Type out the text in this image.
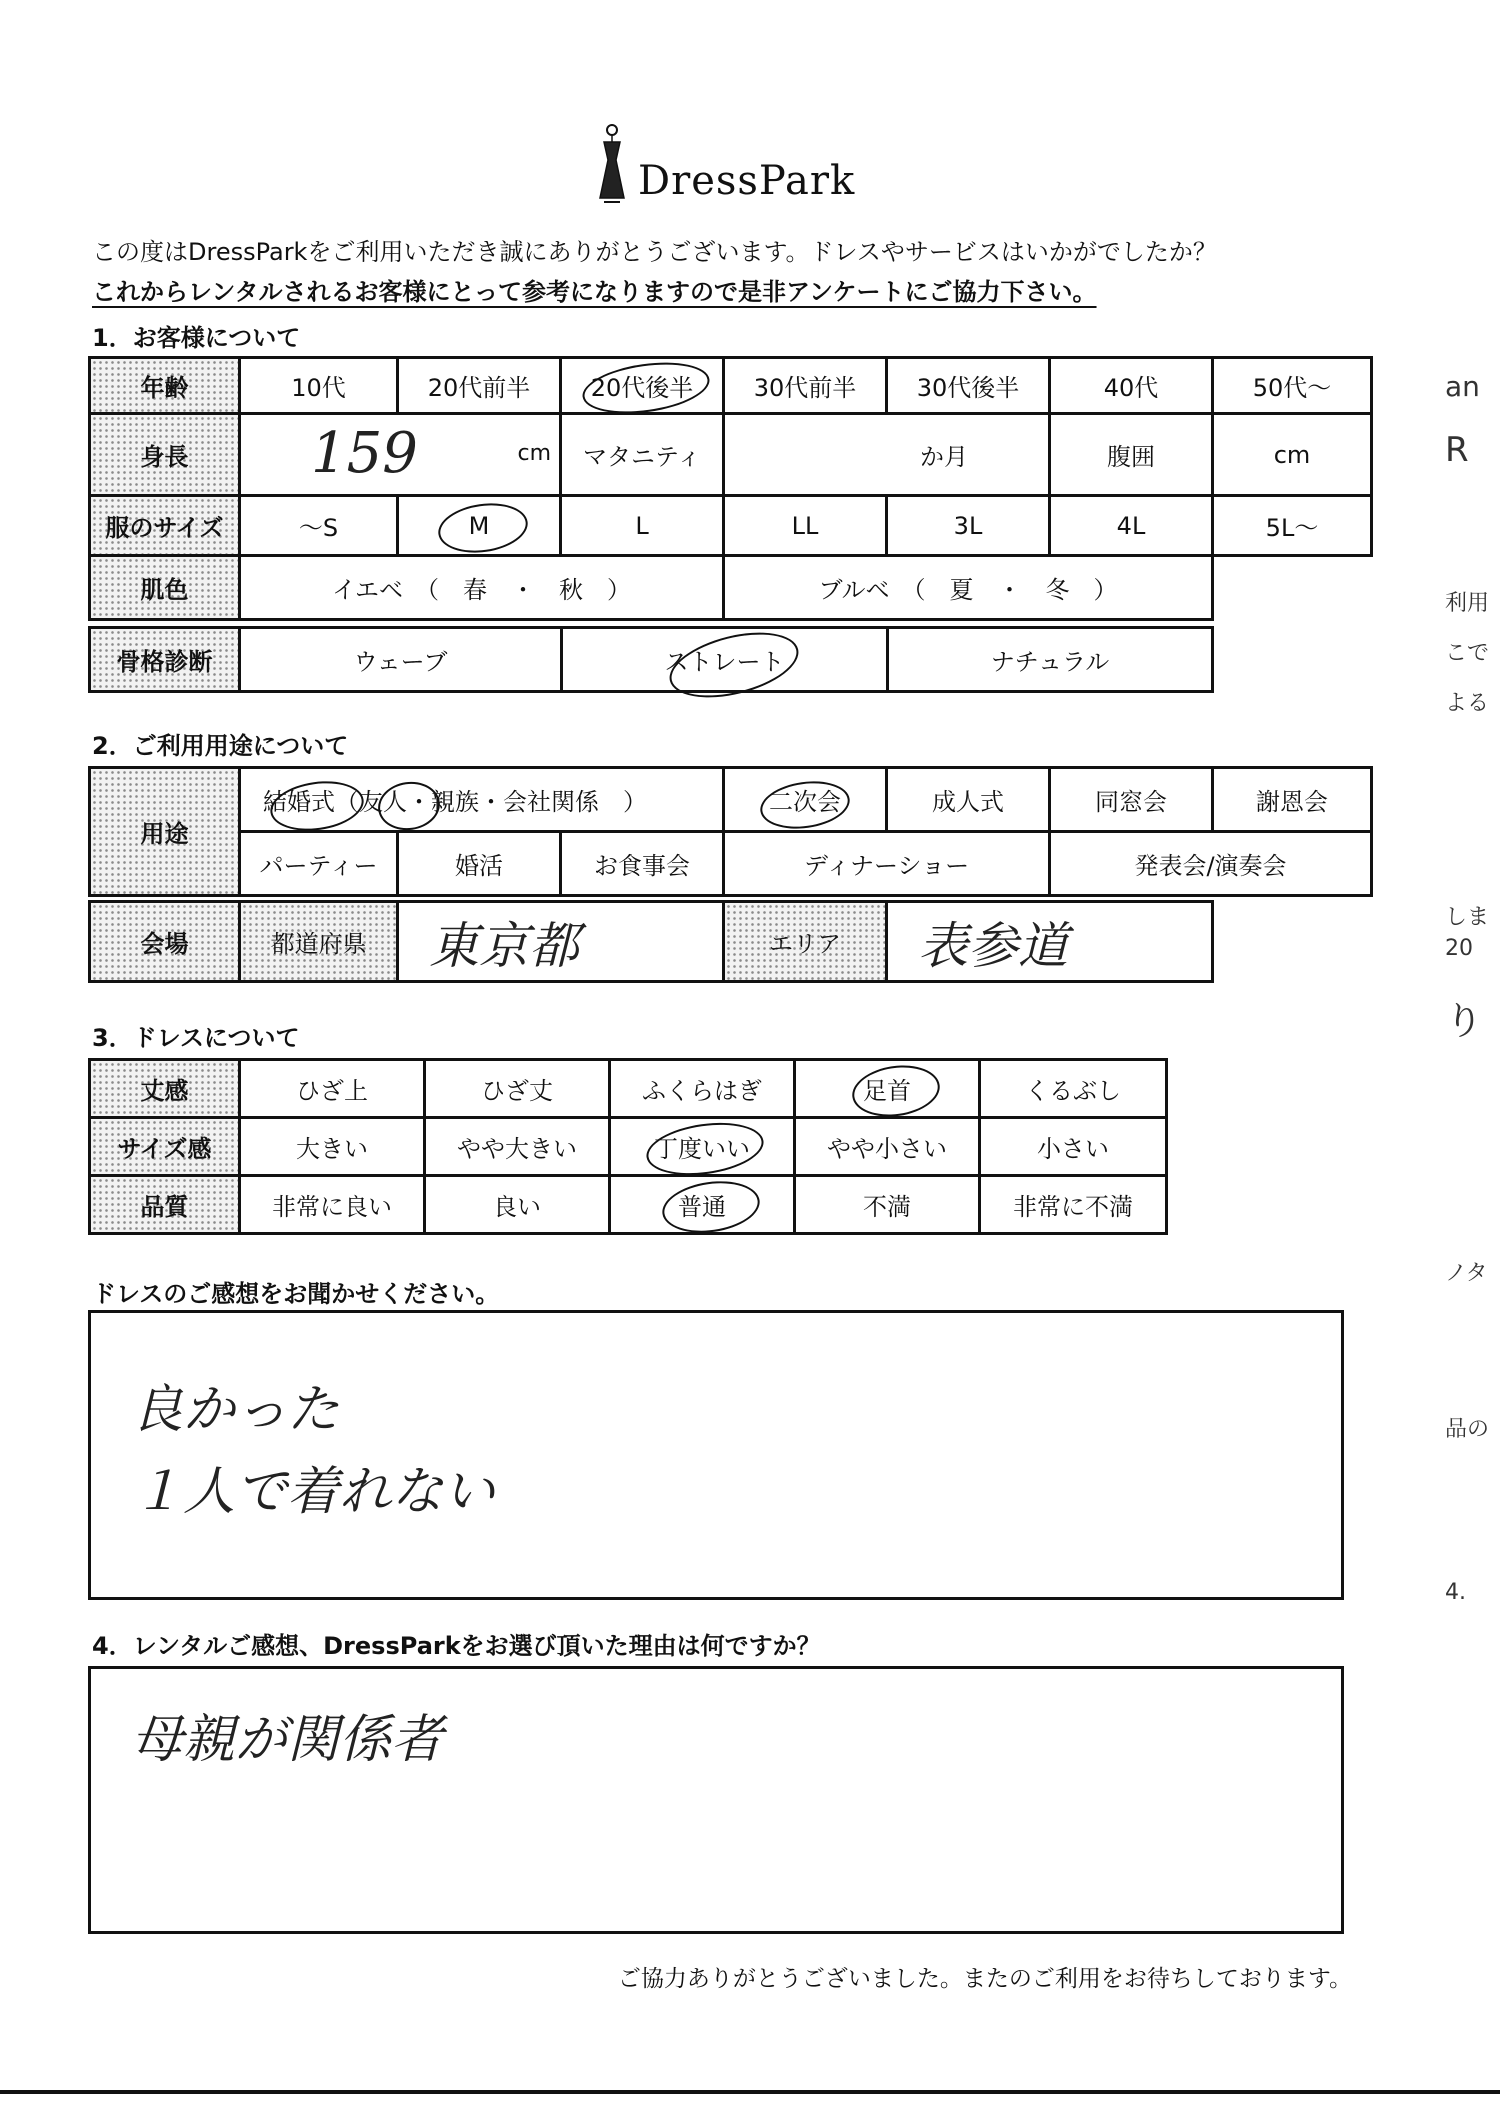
DressPark
この度はDressParkをご利用いただき誠にありがとうございます。ドレスやサービスはいかがでしたか？
これからレンタルされるお客様にとって参考になりますので是非アンケートにご協力下さい。
1．お客様について
年齢	10代	20代前半	20代後半	30代前半	30代後半	40代	50代～
身長	159 cm		マタニティ	か月		腹囲	cm
服のサイズ	～S	M	L	LL	3L	4L	5L～
肌色	イエベ　（　春　・　秋　）			ブルベ　（　夏　・　冬　）			
骨格診断	ウェーブ	ストレート	ナチュラル
2．ご利用用途について
用途	結婚式（友人・親族・会社関係　）			二次会	成人式	同窓会	謝恩会
	パーティー	婚活	お食事会	ディナーショー		発表会/演奏会	
会場	都道府県	東京都	エリア	表参道
3．ドレスについて
丈感	ひざ上	ひざ丈	ふくらはぎ	足首	くるぶし
サイズ感	大きい	やや大きい	丁度いい	やや小さい	小さい
品質	非常に良い	良い	普通	不満	非常に不満
ドレスのご感想をお聞かせください。
良かった
１人で着れない
4．レンタルご感想、DressParkをお選び頂いた理由は何ですか？
母親が関係者
ご協力ありがとうございました。またのご利用をお待ちしております。
an
R
利用
こで
よる
しま
20
り
ノタ
品の
4.
